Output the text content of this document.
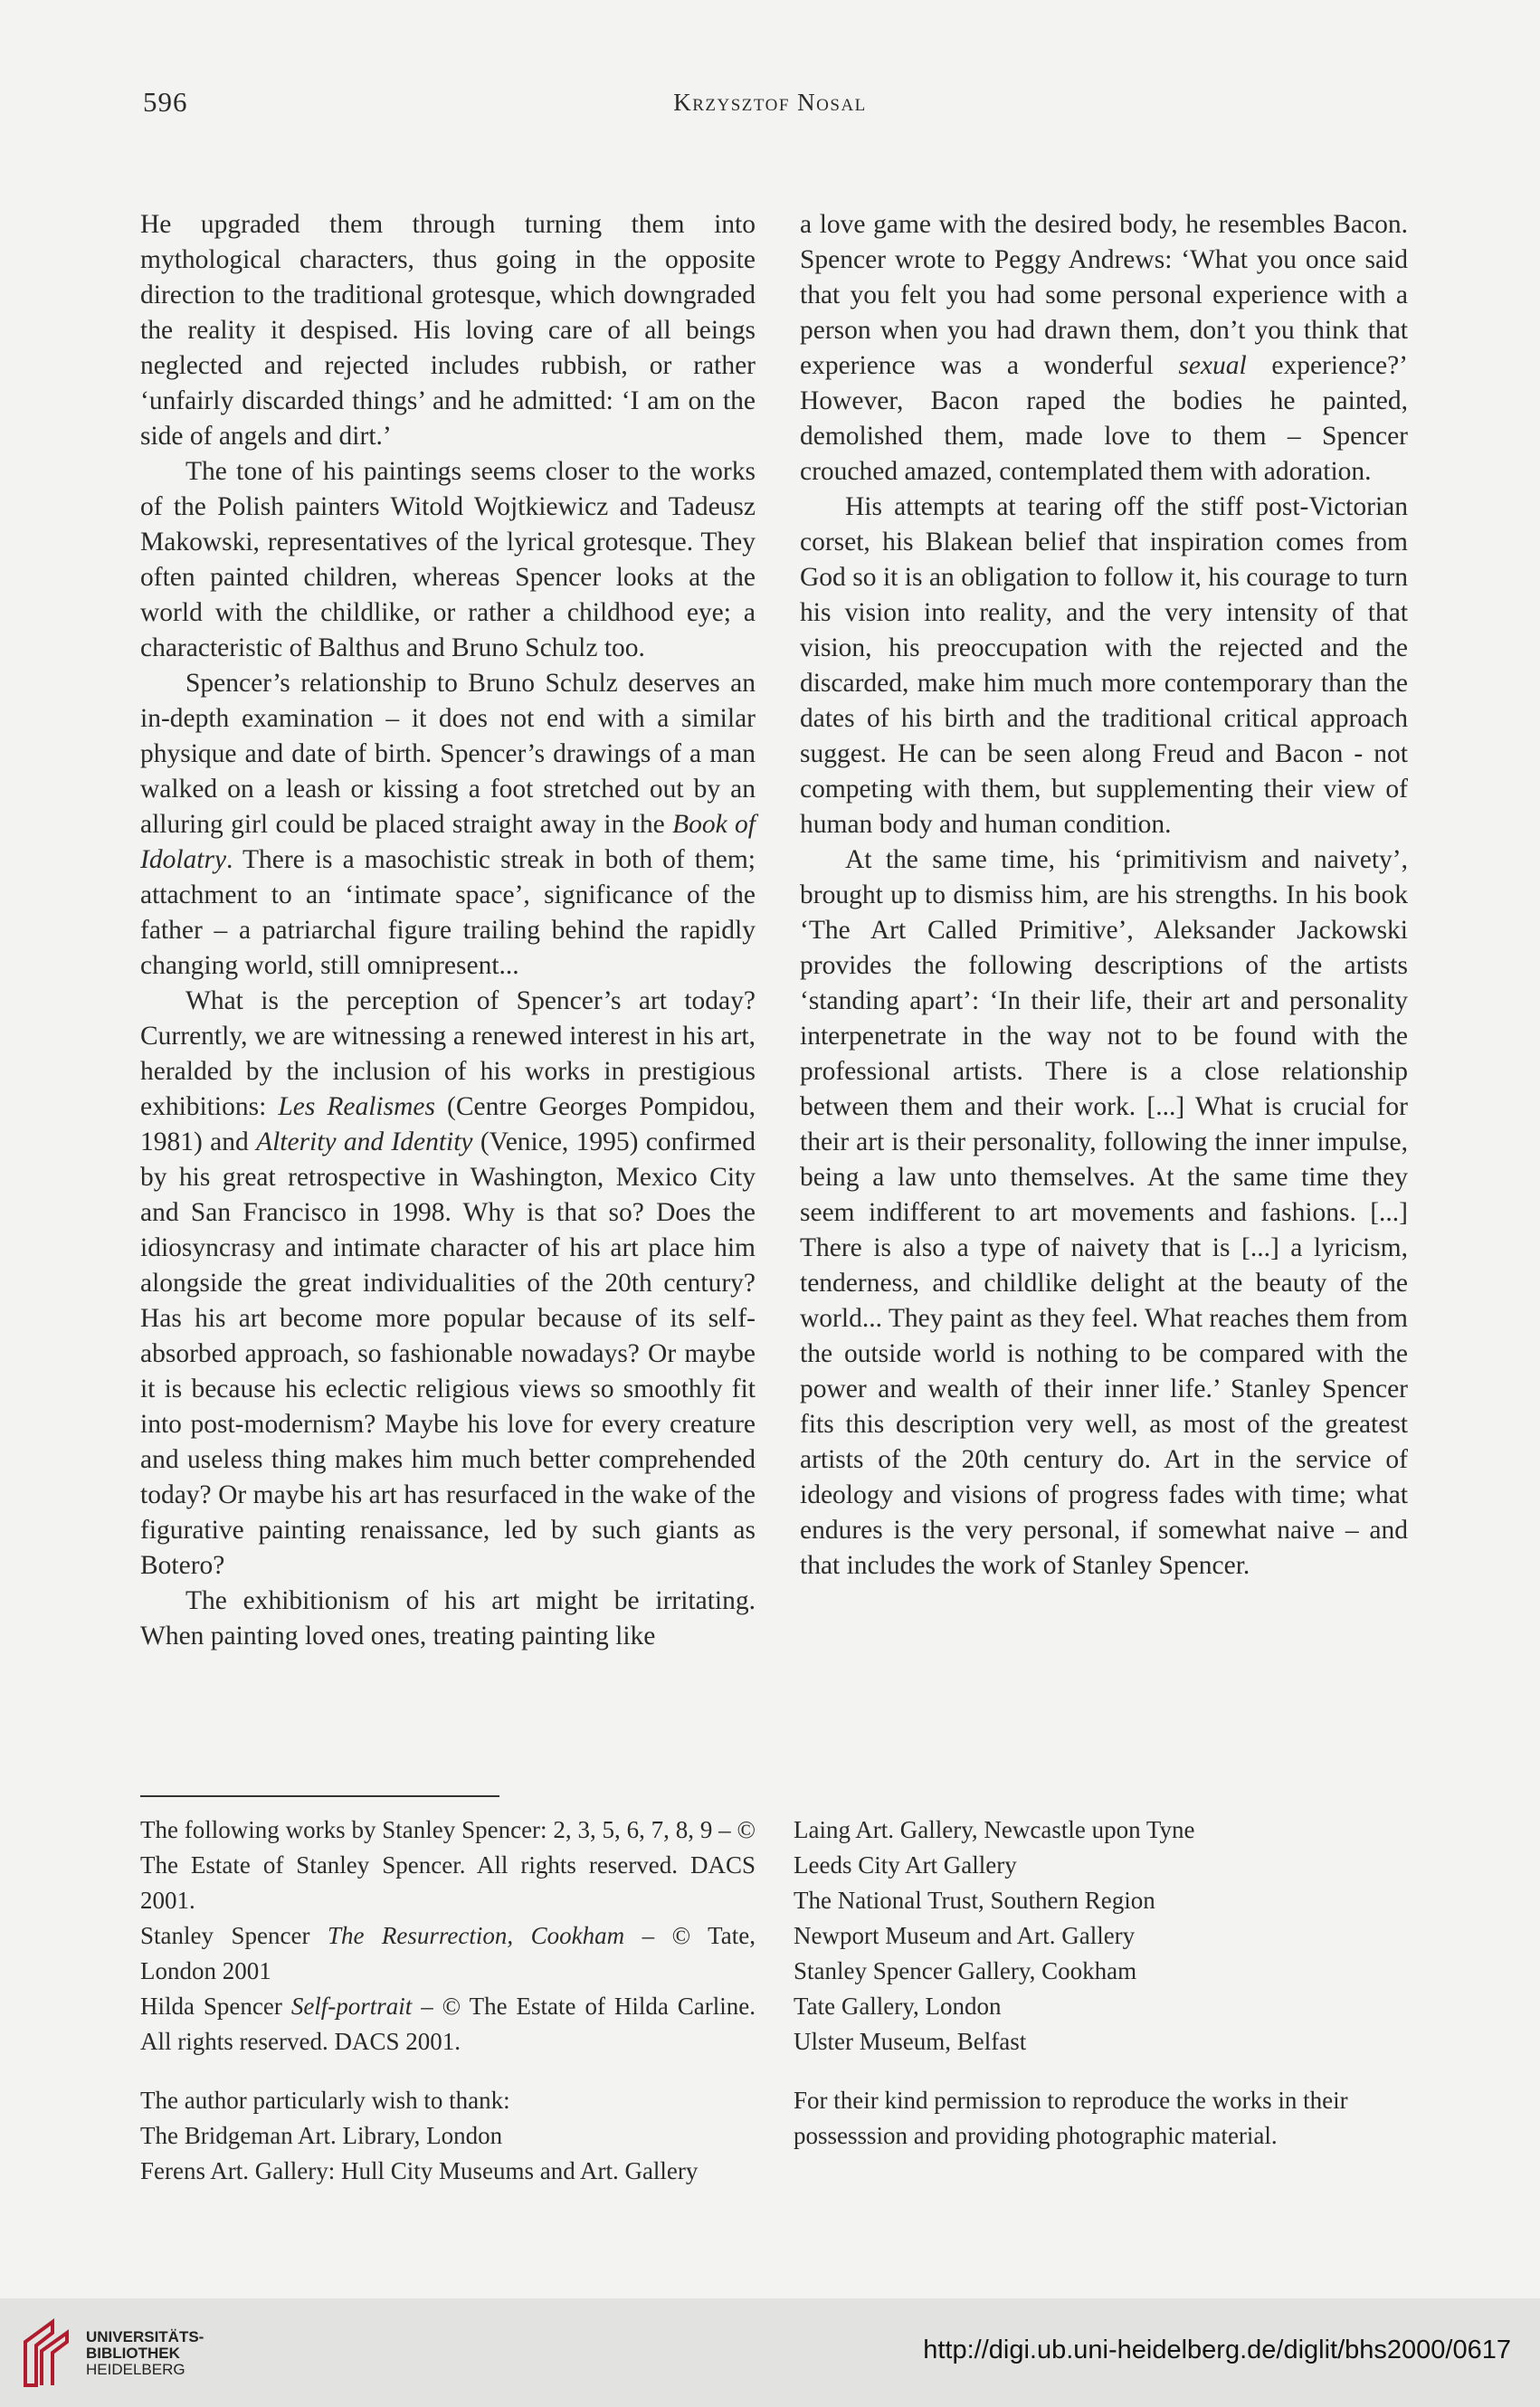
596	Krzysztof Nosal

He upgraded them through turning them into mythological characters, thus going in the opposite direction to the traditional grotesque, which downgraded the reality it despised. His loving care of all beings neglected and rejected includes rubbish, or rather ‘unfairly discarded things’ and he admitted: ‘I am on the side of angels and dirt.’

The tone of his paintings seems closer to the works of the Polish painters Witold Wojtkiewicz and Tadeusz Makowski, representatives of the lyrical grotesque. They often painted children, whereas Spencer looks at the world with the childlike, or rather a childhood eye; a characteristic of Balthus and Bruno Schulz too.

Spencer’s relationship to Bruno Schulz deserves an in-depth examination – it does not end with a similar physique and date of birth. Spencer’s drawings of a man walked on a leash or kissing a foot stretched out by an alluring girl could be placed straight away in the Book of Idolatry. There is a masochistic streak in both of them; attachment to an ‘intimate space’, significance of the father – a patriarchal figure trailing behind the rapidly changing world, still omnipresent...

What is the perception of Spencer’s art today? Currently, we are witnessing a renewed interest in his art, heralded by the inclusion of his works in prestigious exhibitions: Les Realismes (Centre Georges Pompidou, 1981) and Alterity and Identity (Venice, 1995) confirmed by his great retrospective in Washington, Mexico City and San Francisco in 1998. Why is that so? Does the idiosyncrasy and intimate character of his art place him alongside the great individualities of the 20th century? Has his art become more popular because of its self-absorbed approach, so fashionable nowadays? Or maybe it is because his eclectic religious views so smoothly fit into post-modernism? Maybe his love for every creature and useless thing makes him much better comprehended today? Or maybe his art has resurfaced in the wake of the figurative painting renaissance, led by such giants as Botero?

The exhibitionism of his art might be irritating. When painting loved ones, treating painting like

a love game with the desired body, he resembles Bacon. Spencer wrote to Peggy Andrews: ‘What you once said that you felt you had some personal experience with a person when you had drawn them, don’t you think that experience was a wonderful sexual experience?’ However, Bacon raped the bodies he painted, demolished them, made love to them – Spencer crouched amazed, contemplated them with adoration.

His attempts at tearing off the stiff post-Victorian corset, his Blakean belief that inspiration comes from God so it is an obligation to follow it, his courage to turn his vision into reality, and the very intensity of that vision, his preoccupation with the rejected and the discarded, make him much more contemporary than the dates of his birth and the traditional critical approach suggest. He can be seen along Freud and Bacon - not competing with them, but supplementing their view of human body and human condition.

At the same time, his ‘primitivism and naivety’, brought up to dismiss him, are his strengths. In his book ‘The Art Called Primitive’, Aleksander Jackowski provides the following descriptions of the artists ‘standing apart’: ‘In their life, their art and personality interpenetrate in the way not to be found with the professional artists. There is a close relationship between them and their work. [...] What is crucial for their art is their personality, following the inner impulse, being a law unto themselves. At the same time they seem indifferent to art movements and fashions. [...] There is also a type of naivety that is [...] a lyricism, tenderness, and childlike delight at the beauty of the world... They paint as they feel. What reaches them from the outside world is nothing to be compared with the power and wealth of their inner life.’ Stanley Spencer fits this description very well, as most of the greatest artists of the 20th century do. Art in the service of ideology and visions of progress fades with time; what endures is the very personal, if somewhat naive – and that includes the work of Stanley Spencer.

The following works by Stanley Spencer: 2, 3, 5, 6, 7, 8, 9 – © The Estate of Stanley Spencer. All rights reserved. DACS 2001.

Stanley Spencer The Resurrection, Cookham – © Tate, London 2001

Hilda Spencer Self-portrait – © The Estate of Hilda Carline. All rights reserved. DACS 2001.

Laing Art. Gallery, Newcastle upon Tyne

Leeds City Art Gallery

The National Trust, Southern Region

Newport Museum and Art. Gallery

Stanley Spencer Gallery, Cookham

Tate Gallery, London

Ulster Museum, Belfast

The author particularly wish to thank:

The Bridgeman Art. Library, London

Ferens Art. Gallery: Hull City Museums and Art. Gallery

For their kind permission to reproduce the works in their possesssion and providing photographic material.

UNIVERSITÄTS-
BIBLIOTHEK
HEIDELBERG
http://digi.ub.uni-heidelberg.de/diglit/bhs2000/0617
